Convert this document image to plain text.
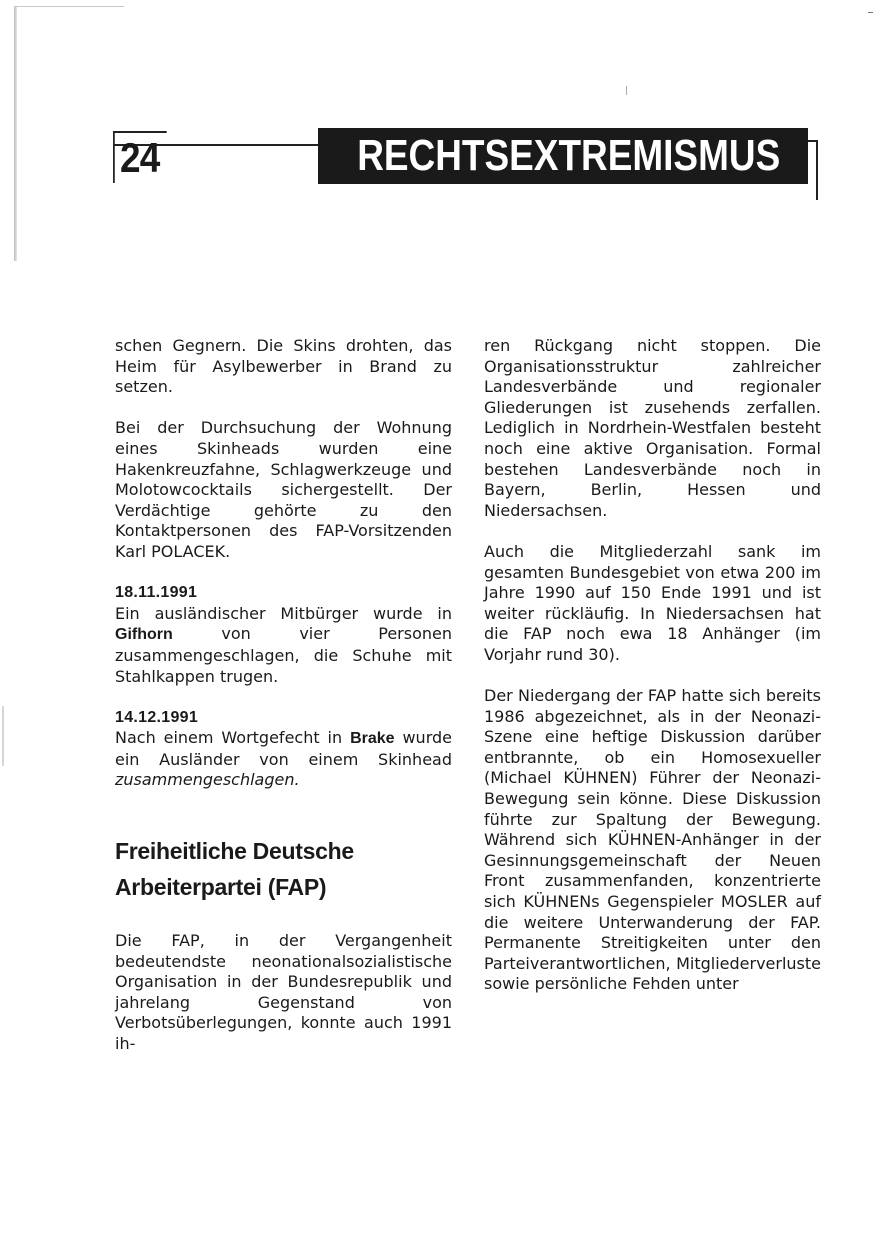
24	RECHTSEXTREMISMUS

schen Gegnern. Die Skins drohten, das Heim für Asylbewerber in Brand zu setzen.

Bei der Durchsuchung der Wohnung eines Skinheads wurden eine Hakenkreuzfahne, Schlagwerkzeuge und Molotowcocktails sichergestellt. Der Verdächtige gehörte zu den Kontaktpersonen des FAP-Vorsitzenden Karl POLACEK.

18.11.1991

Ein ausländischer Mitbürger wurde in Gifhorn	von vier Personen zusammengeschlagen, die Schuhe mit Stahlkappen trugen.

14.12.1991

Nach einem Wortgefecht in Brake wurde ein Ausländer von einem Skinhead zusammengeschlagen.

Freiheitliche Deutsche
Arbeiterpartei (FAP)

Die FAP, in der Vergangenheit bedeutendste neonationalsozialistische Organisation in der Bundesrepublik und jahrelang Gegenstand von Verbotsüberlegungen, konnte auch 1991 ih-

ren Rückgang nicht stoppen. Die Organisationsstruktur zahlreicher Landesverbände und regionaler Gliederungen ist zusehends zerfallen. Lediglich in Nordrhein-Westfalen besteht noch eine aktive Organisation. Formal bestehen Landesverbände noch in Bayern, Berlin, Hessen und Niedersachsen.

Auch die Mitgliederzahl sank im gesamten Bundesgebiet von etwa 200 im Jahre 1990 auf 150 Ende 1991 und ist weiter rückläufig. In Niedersachsen hat die FAP noch ewa 18 Anhänger (im Vorjahr rund 30).

Der Niedergang der FAP hatte sich bereits 1986 abgezeichnet, als in der Neonazi-Szene eine heftige Diskussion darüber entbrannte, ob ein Homosexueller (Michael KÜHNEN) Führer der Neonazi-Bewegung sein könne. Diese Diskussion führte zur Spaltung der Bewegung. Während sich KÜHNEN-Anhänger in der Gesinnungsgemeinschaft der Neuen Front zusammenfanden, konzentrierte sich KÜHNENs Gegenspieler MOSLER auf die weitere Unterwanderung der FAP. Permanente Streitigkeiten unter den Parteiverantwortlichen, Mitgliederverluste sowie persönliche Fehden unter
